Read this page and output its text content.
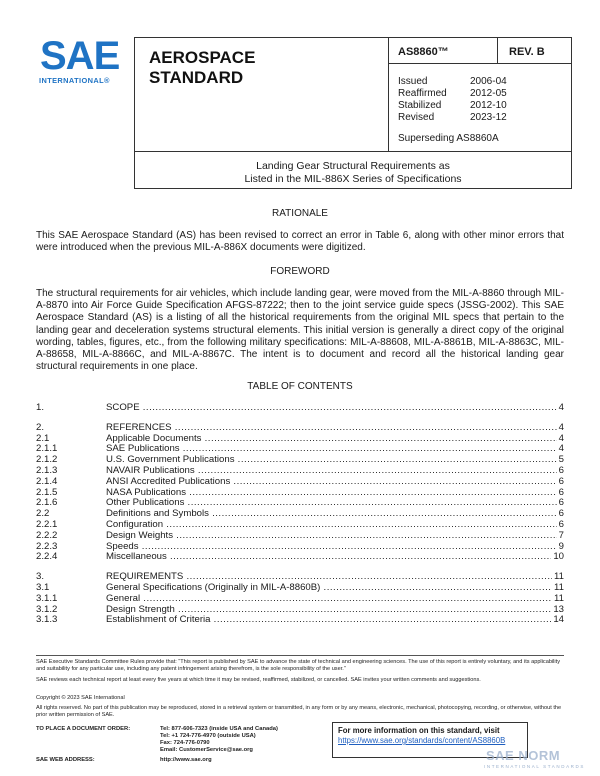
SAE
INTERNATIONAL®
AEROSPACE
STANDARD
AS8860™	REV. B
Issued	2006-04
Reaffirmed	2012-05
Stabilized	2012-10
Revised	2023-12
Superseding AS8860A
Landing Gear Structural Requirements as
Listed in the MIL-886X Series of Specifications
RATIONALE
This SAE Aerospace Standard (AS) has been revised to correct an error in Table 6, along with other minor errors that were introduced when the previous MIL-A-886X documents were digitized.
FOREWORD
The structural requirements for air vehicles, which include landing gear, were moved from the MIL-A-8860 through MIL-A-8870 into Air Force Guide Specification AFGS-87222; then to the joint service guide specs (JSSG-2002). This SAE Aerospace Standard (AS) is a listing of all the historical requirements from the original MIL specs that pertain to the landing gear and deceleration systems structural elements. This initial version is generally a direct copy of the original wording, tables, figures, etc., from the following military specifications: MIL-A-88608, MIL-A-8861B, MIL-A-8863C, MIL-A-88658, MIL-A-8866C, and MIL-A-8867C. The intent is to document and record all the historical landing gear structural requirements in one place.
TABLE OF CONTENTS
1.	SCOPE .....	4
2.	REFERENCES .....	4
2.1	Applicable Documents .....	4
2.1.1	SAE Publications .....	4
2.1.2	U.S. Government Publications .....	5
2.1.3	NAVAIR Publications .....	6
2.1.4	ANSI Accredited Publications .....	6
2.1.5	NASA Publications .....	6
2.1.6	Other Publications .....	6
2.2	Definitions and Symbols .....	6
2.2.1	Configuration .....	6
2.2.2	Design Weights .....	7
2.2.3	Speeds .....	9
2.2.4	Miscellaneous .....	10
3.	REQUIREMENTS .....	11
3.1	General Specifications (Originally in MIL-A-8860B) .....	11
3.1.1	General .....	11
3.1.2	Design Strength .....	13
3.1.3	Establishment of Criteria .....	14
SAE Executive Standards Committee Rules provide that: “This report is published by SAE to advance the state of technical and engineering sciences. The use of this report is entirely voluntary, and its applicability and suitability for any particular use, including any patent infringement arising therefrom, is the sole responsibility of the user.”
SAE reviews each technical report at least every five years at which time it may be revised, reaffirmed, stabilized, or cancelled. SAE invites your written comments and suggestions.
Copyright © 2023 SAE International
All rights reserved. No part of this publication may be reproduced, stored in a retrieval system or transmitted, in any form or by any means, electronic, mechanical, photocopying, recording, or otherwise, without the prior written permission of SAE.
TO PLACE A DOCUMENT ORDER:	Tel: 877-606-7323 (inside USA and Canada)
Tel: +1 724-776-4970 (outside USA)
Fax: 724-776-0790
Email: CustomerService@sae.org
SAE WEB ADDRESS:	http://www.sae.org
For more information on this standard, visit
https://www.sae.org/standards/content/AS8860B
SAE NORM
INTERNATIONAL STANDARDS
